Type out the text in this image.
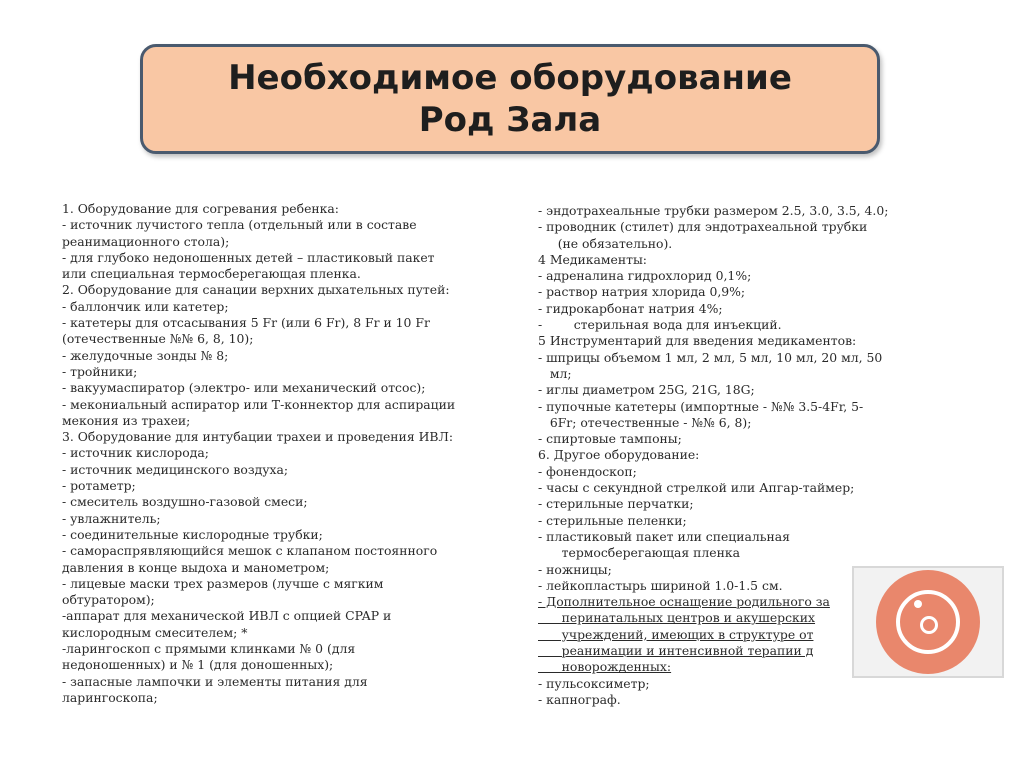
Необходимое оборудование
Род Зала
1. Оборудование для согревания ребенка:
- источник лучистого тепла (отдельный или в составе
реанимационного стола);
- для глубоко недоношенных детей – пластиковый пакет
или специальная термосберегающая пленка.
2. Оборудование для санации верхних дыхательных путей:
- баллончик или катетер;
- катетеры для отсасывания 5 Fr (или 6 Fr), 8 Fr и 10 Fr
(отечественные №№ 6, 8, 10);
- желудочные зонды № 8;
- тройники;
- вакуумаспиратор (электро- или механический отсос);
- мекониальный аспиратор или Т-коннектор для аспирации
мекония из трахеи;
3. Оборудование для интубации трахеи и проведения ИВЛ:
- источник кислорода;
- источник медицинского воздуха;
- ротаметр;
- смеситель воздушно-газовой смеси;
- увлажнитель;
- соединительные кислородные трубки;
- самораспрявляющийся мешок с клапаном постоянного
давления в конце выдоха и манометром;
- лицевые маски трех размеров (лучше с мягким
обтуратором);
-аппарат для механической ИВЛ с опцией CPAP и
кислородным смесителем; *
-ларингоскоп с прямыми клинками № 0 (для
недоношенных) и № 1 (для доношенных);
- запасные лампочки и элементы питания для
ларингоскопа;
- эндотрахеальные трубки размером 2.5, 3.0, 3.5, 4.0;
- проводник (стилет) для эндотрахеальной трубки
(не обязательно).
4 Медикаменты:
- адреналина гидрохлорид 0,1%;
- раствор натрия хлорида 0,9%;
- гидрокарбонат натрия 4%;
-        стерильная вода для инъекций.
5 Инструментарий для введения медикаментов:
- шприцы объемом 1 мл, 2 мл, 5 мл, 10 мл, 20 мл, 50
мл;
- иглы диаметром 25G, 21G, 18G;
- пупочные катетеры (импортные - №№ 3.5-4Fr, 5-
6Fr; отечественные - №№ 6, 8);
- спиртовые тампоны;
6. Другое оборудование:
- фонендоскоп;
- часы с секундной стрелкой или Апгар-таймер;
- стерильные перчатки;
- стерильные пеленки;
- пластиковый пакет или специальная
термосберегающая пленка
- ножницы;
- лейкопластырь шириной 1.0-1.5 см.
- Дополнительное оснащение родильного за
перинатальных центров и акушерских
учреждений, имеющих в структуре от
реанимации и интенсивной терапии д
новорожденных:
- пульсоксиметр;
- капнограф.
